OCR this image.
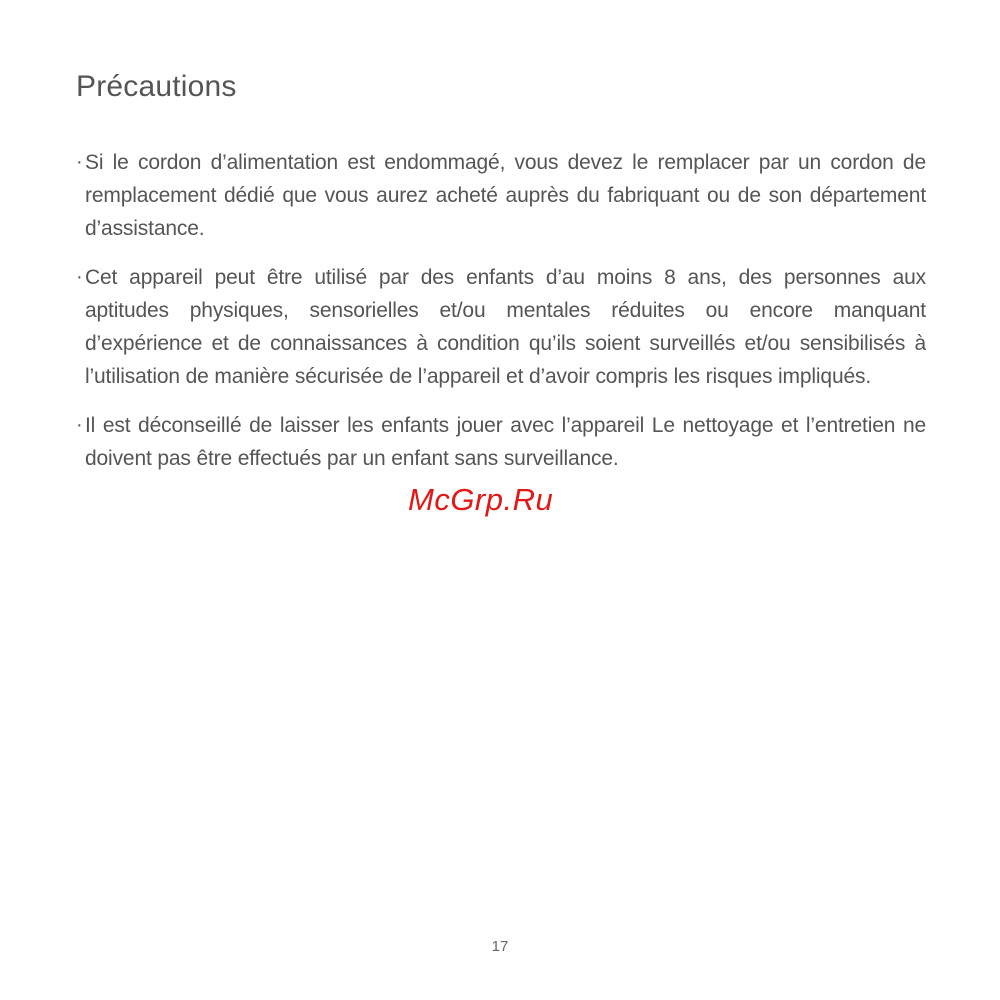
Précautions
· Si le cordon d’alimentation est endommagé, vous devez le remplacer par un cordon de remplacement dédié que vous aurez acheté auprès du fabriquant ou de son département d’assistance.
· Cet appareil peut être utilisé par des enfants d’au moins 8 ans, des personnes aux aptitudes physiques, sensorielles et/ou mentales réduites ou encore manquant d’expérience et de connaissances à condition qu’ils soient surveillés et/ou sensibilisés à l’utilisation de manière sécurisée de l’appareil et d’avoir compris les risques impliqués.
· Il est déconseillé de laisser les enfants jouer avec l’appareil Le nettoyage et l’entretien ne doivent pas être effectués par un enfant sans surveillance.
McGrp.Ru
17
